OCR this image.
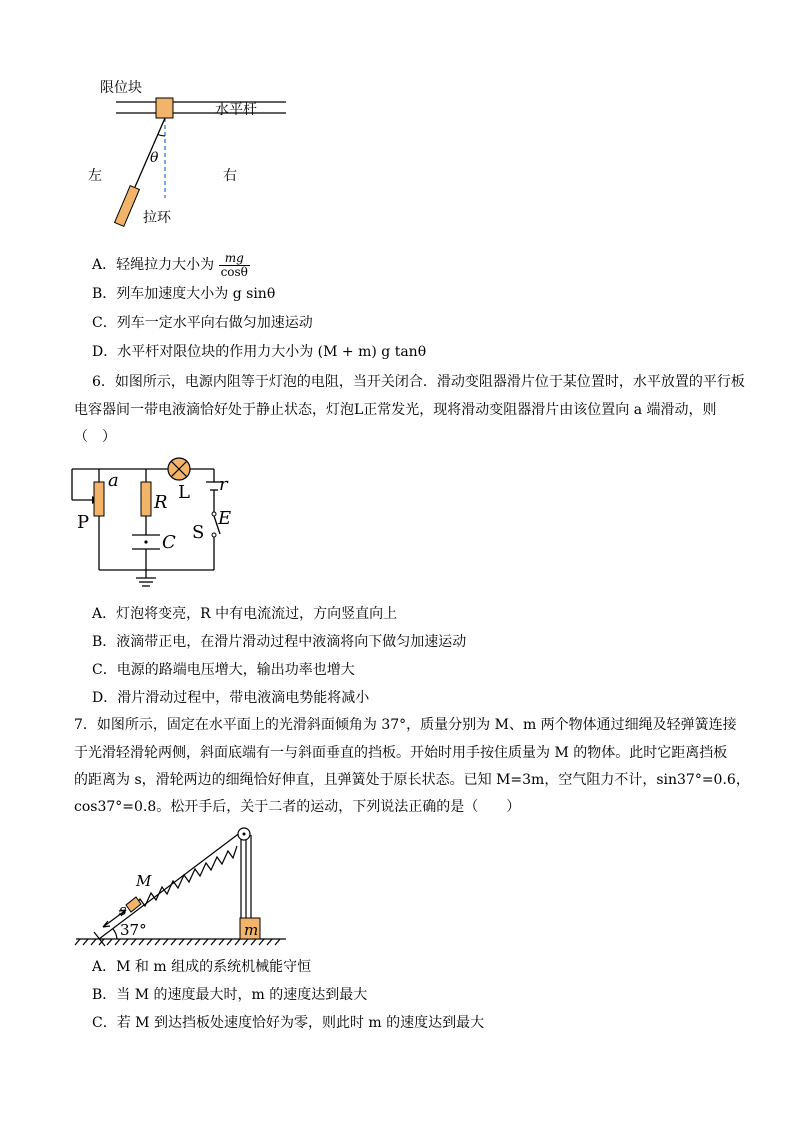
限位块
水平杆
θ
左	右
拉环
A．轻绳拉力大小为 $\frac{mg}{\cos\theta}$
B．列车加速度大小为 g sinθ
C．列车一定水平向右做匀加速运动
D．水平杆对限位块的作用力大小为 (M + m) g tanθ
6．如图所示，电源内阻等于灯泡的电阻，当开关闭合．滑动变阻器滑片位于某位置时，水平放置的平行板
电容器间一带电液滴恰好处于静止状态，灯泡L正常发光，现将滑动变阻器滑片由该位置向 a 端滑动，则
（　）
a
R L r
P	S
E
C
A．灯泡将变亮，R 中有电流流过，方向竖直向上
B．液滴带正电，在滑片滑动过程中液滴将向下做匀加速运动
C．电源的路端电压增大，输出功率也增大
D．滑片滑动过程中，带电液滴电势能将减小
7．如图所示，固定在水平面上的光滑斜面倾角为 37°，质量分别为 M、m 两个物体通过细绳及轻弹簧连接
于光滑轻滑轮两侧，斜面底端有一与斜面垂直的挡板。开始时用手按住质量为 M 的物体。此时它距离挡板
的距离为 s，滑轮两边的细绳恰好伸直，且弹簧处于原长状态。已知 M=3m，空气阻力不计，sin37°=0.6，
cos37°=0.8。松开手后，关于二者的运动，下列说法正确的是（　　）
M
s
37°	m
A．M 和 m 组成的系统机械能守恒
B．当 M 的速度最大时，m 的速度达到最大
C．若 M 到达挡板处速度恰好为零，则此时 m 的速度达到最大
